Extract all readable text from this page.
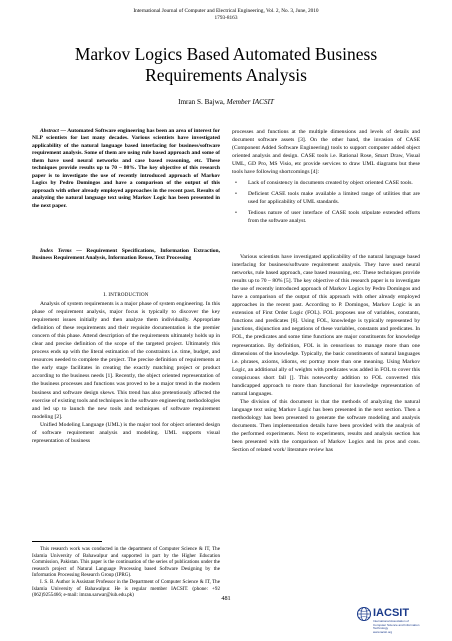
International Journal of Computer and Electrical Engineering, Vol. 2, No. 3, June, 2010
1793-8163
Markov Logics Based Automated Business
Requirements Analysis
Imran S. Bajwa, Member IACSIT
Abstract — Automated Software engineering has been an area of interest for NLP scientists for last many decades. Various scientists have investigated applicability of the natural language based interfacing for business/software requirement analysis. Some of them are using rule based approach and some of them have used neural networks and case based reasoning, etc. These techniques provide results up to 70 – 80%. The key objective of this research paper is to investigate the use of recently introduced approach of Markov Logics by Pedro Domingos and have a comparison of the output of this approach with other already employed approaches in the recent past. Results of analyzing the natural language text using Markov Logic has been presented in the next paper.
Index Terms — Requirement Specifications, Information Extraction, Business Requirement Analysis, Information Reuse, Text Processing
I. INTRODUCTION

Analysis of system requirements is a major phase of system engineering. In this phase of requirement analysis, major focus is typically to discover the key requirement issues initially and then analyze them individually. Appropriate definition of these requirements and their requisite documentation is the premier concern of this phase. Attend description of the requirements ultimately holds up in clear and precise definition of the scope of the targeted project. Ultimately this process ends up with the literal estimation of the constraints i.e. time, budget, and resources needed to complete the project. The precise definition of requirements at the early stage facilitates in creating the exactly matching project or product according to the business needs [1]. Recently, the object oriented representation of the business processes and functions was proved to be a major trend in the modern business and software design skews. This trend has also pretentiously affected the exercise of existing tools and techniques in the software engineering methodologies and led up to launch the new tools and techniques of software requirement modeling [2].

Unified Modeling Language (UML) is the major tool for object oriented design of software requirement analysis and modeling. UML supports visual representation of business

This research work was conducted in the department of Computer Science & IT, The Islamia University of Bahawalpur and supported in part by the Higher Education Commission, Pakistan. This paper is the continuation of the series of publications under the research project of Natural Language Processing based Software Designing by the Information Processing Research Group (IPRG).

I. S. B. Author is Assistant Professor in the Department of Computer Science & IT, The Islamia University of Bahawalpur. He is regular member IACSIT. (phone: +92 (062)9255466; e-mail: imran.sarwar@iub.edu.pk)

processes and functions at the multiple dimensions and levels of details and document software assets [3]. On the other hand, the invasion of CASE (Component Added Software Engineering) tools to support computer added object oriented analysis and design. CASE tools i.e. Rational Rose, Smart Draw, Visual UML, GD Pro, MS Visio, etc provide services to draw UML diagrams but these tools have following shortcomings [4]:

• Lack of consistency in documents created by object oriented CASE tools.
• Deficient CASE tools make available a limited range of utilities that are used for applicability of UML standards.
• Tedious nature of user interface of CASE tools stipulate extended efforts from the software analyst.

Various scientists have investigated applicability of the natural language based interfacing for business/software requirement analysis. They have used neural networks, rule based approach, case based reasoning, etc. These techniques provide results up to 70 – 80% [5]. The key objective of this research paper is to investigate the use of recently introduced approach of Markov Logics by Pedro Domingos and have a comparison of the output of this approach with other already employed approaches in the recent past. According to P. Domingos, Markov Logic is an extension of First Order Logic (FOL). FOL proposes use of variables, constants, functions and predicates [6]. Using FOL, knowledge is typically represented by junctions, disjunction and negations of these variables, constants and predicates. In FOL, the predicates and some time functions are major constituents for knowledge representation. By definition, FOL is in censorious to manage more than one dimensions of the knowledge. Typically, the basic constituents of natural languages i.e. phrases, axioms, idioms, etc portray more than one meaning. Using Markov Logic, an additional ally of weights with predicates was added in FOL to cover this conspicuous short fall []. This noteworthy addition to FOL converted this handicapped approach to more than functional for knowledge representation of natural languages.

The division of this document is that the methods of analyzing the natural language text using Markov Logic has been presented in the next section. Then a methodology has been presented to generate the software modeling and analysis documents. Then implementation details have been provided with the analysis of the performed experiments. Next to experiments, results and analysis section has been presented with the comparison of Markov Logics and its pros and cons. Section of related work/ literature review has

481
IACSIT
International Association of
Computer Science and Information Technology
www.iacsit.org
